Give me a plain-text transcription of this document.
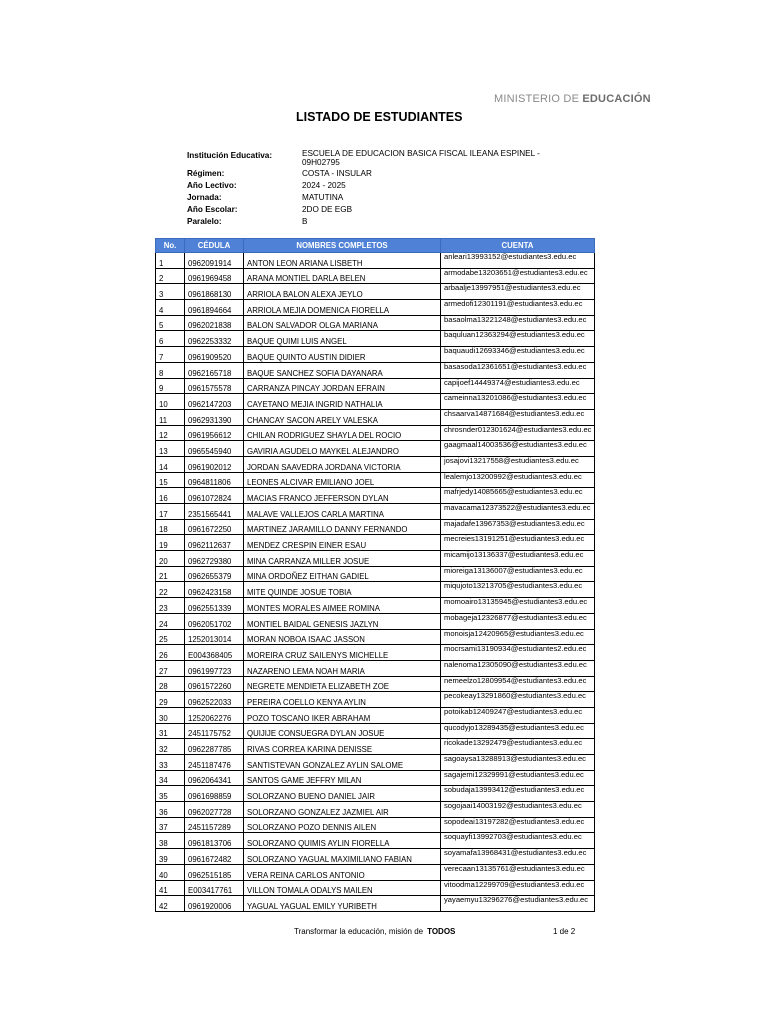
MINISTERIO DE EDUCACIÓN
LISTADO DE ESTUDIANTES
Institución Educativa:	ESCUELA DE EDUCACION BASICA FISCAL ILEANA ESPINEL - 09H02795
Régimen:	COSTA - INSULAR
Año Lectivo:	2024 - 2025
Jornada:	MATUTINA
Año Escolar:	2DO DE EGB
Paralelo:	B
No.	CÉDULA	NOMBRES COMPLETOS	CUENTA
1	0962091914	ANTON LEON ARIANA LISBETH	anleari13993152@estudiantes3.edu.ec
2	0961969458	ARANA MONTIEL DARLA BELEN	armodabe13203651@estudiantes3.edu.ec
3	0961868130	ARRIOLA BALON ALEXA JEYLO	arbaalje13997951@estudiantes3.edu.ec
4	0961894664	ARRIOLA MEJIA DOMENICA FIORELLA	armedofi12301191@estudiantes3.edu.ec
5	0962021838	BALON SALVADOR OLGA MARIANA	basaolma13221248@estudiantes3.edu.ec
6	0962253332	BAQUE QUIMI LUIS ANGEL	baquluan12363294@estudiantes3.edu.ec
7	0961909520	BAQUE QUINTO AUSTIN DIDIER	baquaudi12693346@estudiantes3.edu.ec
8	0962165718	BAQUE SANCHEZ SOFIA DAYANARA	basasoda12361651@estudiantes3.edu.ec
9	0961575578	CARRANZA PINCAY JORDAN EFRAIN	capijoef14449374@estudiantes3.edu.ec
10	0962147203	CAYETANO MEJIA INGRID NATHALIA	cameinna13201086@estudiantes3.edu.ec
11	0962931390	CHANCAY SACON ARELY VALESKA	chsaarva14871684@estudiantes3.edu.ec
12	0961956612	CHILAN RODRIGUEZ SHAYLA DEL ROCIO	chrosnder012301624@estudiantes3.edu.ec
13	0965545940	GAVIRIA AGUDELO MAYKEL ALEJANDRO	gaagmaal14003536@estudiantes3.edu.ec
14	0961902012	JORDAN SAAVEDRA JORDANA VICTORIA	josajovi13217558@estudiantes3.edu.ec
15	0964811806	LEONES ALCIVAR EMILIANO JOEL	lealemjo13200992@estudiantes3.edu.ec
16	0961072824	MACIAS FRANCO JEFFERSON DYLAN	mafrjedy14085665@estudiantes3.edu.ec
17	2351565441	MALAVE VALLEJOS CARLA MARTINA	mavacama12373522@estudiantes3.edu.ec
18	0961672250	MARTINEZ JARAMILLO DANNY FERNANDO	majadafe13967353@estudiantes3.edu.ec
19	0962112637	MENDEZ CRESPIN EINER ESAU	mecreies13191251@estudiantes3.edu.ec
20	0962729380	MINA CARRANZA MILLER JOSUE	micamijo13136337@estudiantes3.edu.ec
21	0962655379	MINA ORDOÑEZ EITHAN GADIEL	mioreiga13136007@estudiantes3.edu.ec
22	0962423158	MITE QUINDE JOSUE TOBIA	miqujoto13213705@estudiantes3.edu.ec
23	0962551339	MONTES MORALES AIMEE ROMINA	momoairo13135945@estudiantes3.edu.ec
24	0962051702	MONTIEL BAIDAL GENESIS JAZLYN	mobageja12326877@estudiantes3.edu.ec
25	1252013014	MORAN NOBOA ISAAC JASSON	monoisja12420965@estudiantes3.edu.ec
26	E004368405	MOREIRA CRUZ SAILENYS MICHELLE	mocrsami13190934@estudiantes2.edu.ec
27	0961997723	NAZARENO LEMA NOAH MARIA	nalenoma12305090@estudiantes3.edu.ec
28	0961572260	NEGRETE MENDIETA ELIZABETH ZOE	nemeelzo12809954@estudiantes3.edu.ec
29	0962522033	PEREIRA COELLO KENYA AYLIN	pecokeay13291860@estudiantes3.edu.ec
30	1252062276	POZO TOSCANO IKER ABRAHAM	potoikab12409247@estudiantes3.edu.ec
31	2451175752	QUIJIJE CONSUEGRA DYLAN JOSUE	qucodyjo13289435@estudiantes3.edu.ec
32	0962287785	RIVAS CORREA KARINA DENISSE	ricokade13292479@estudiantes3.edu.ec
33	2451187476	SANTISTEVAN GONZALEZ AYLIN SALOME	sagoaysa13288913@estudiantes3.edu.ec
34	0962064341	SANTOS GAME JEFFRY MILAN	sagajemi12329991@estudiantes3.edu.ec
35	0961698859	SOLORZANO BUENO DANIEL JAIR	sobudaja13993412@estudiantes3.edu.ec
36	0962027728	SOLORZANO GONZALEZ JAZMIEL AIR	sogojaai14003192@estudiantes3.edu.ec
37	2451157289	SOLORZANO POZO DENNIS AILEN	sopodeai13197282@estudiantes3.edu.ec
38	0961813706	SOLORZANO QUIMIS AYLIN FIORELLA	soquayfi13992703@estudiantes3.edu.ec
39	0961672482	SOLORZANO YAGUAL MAXIMILIANO FABIAN	soyamafa13968431@estudiantes3.edu.ec
40	0962515185	VERA REINA CARLOS ANTONIO	verecaan13135761@estudiantes3.edu.ec
41	E003417761	VILLON TOMALA ODALYS MAILEN	vitoodma12299709@estudiantes3.edu.ec
42	0961920006	YAGUAL YAGUAL EMILY YURIBETH	yayaemyu13296276@estudiantes3.edu.ec
Transformar la educación, misión de TODOS	1 de 2
